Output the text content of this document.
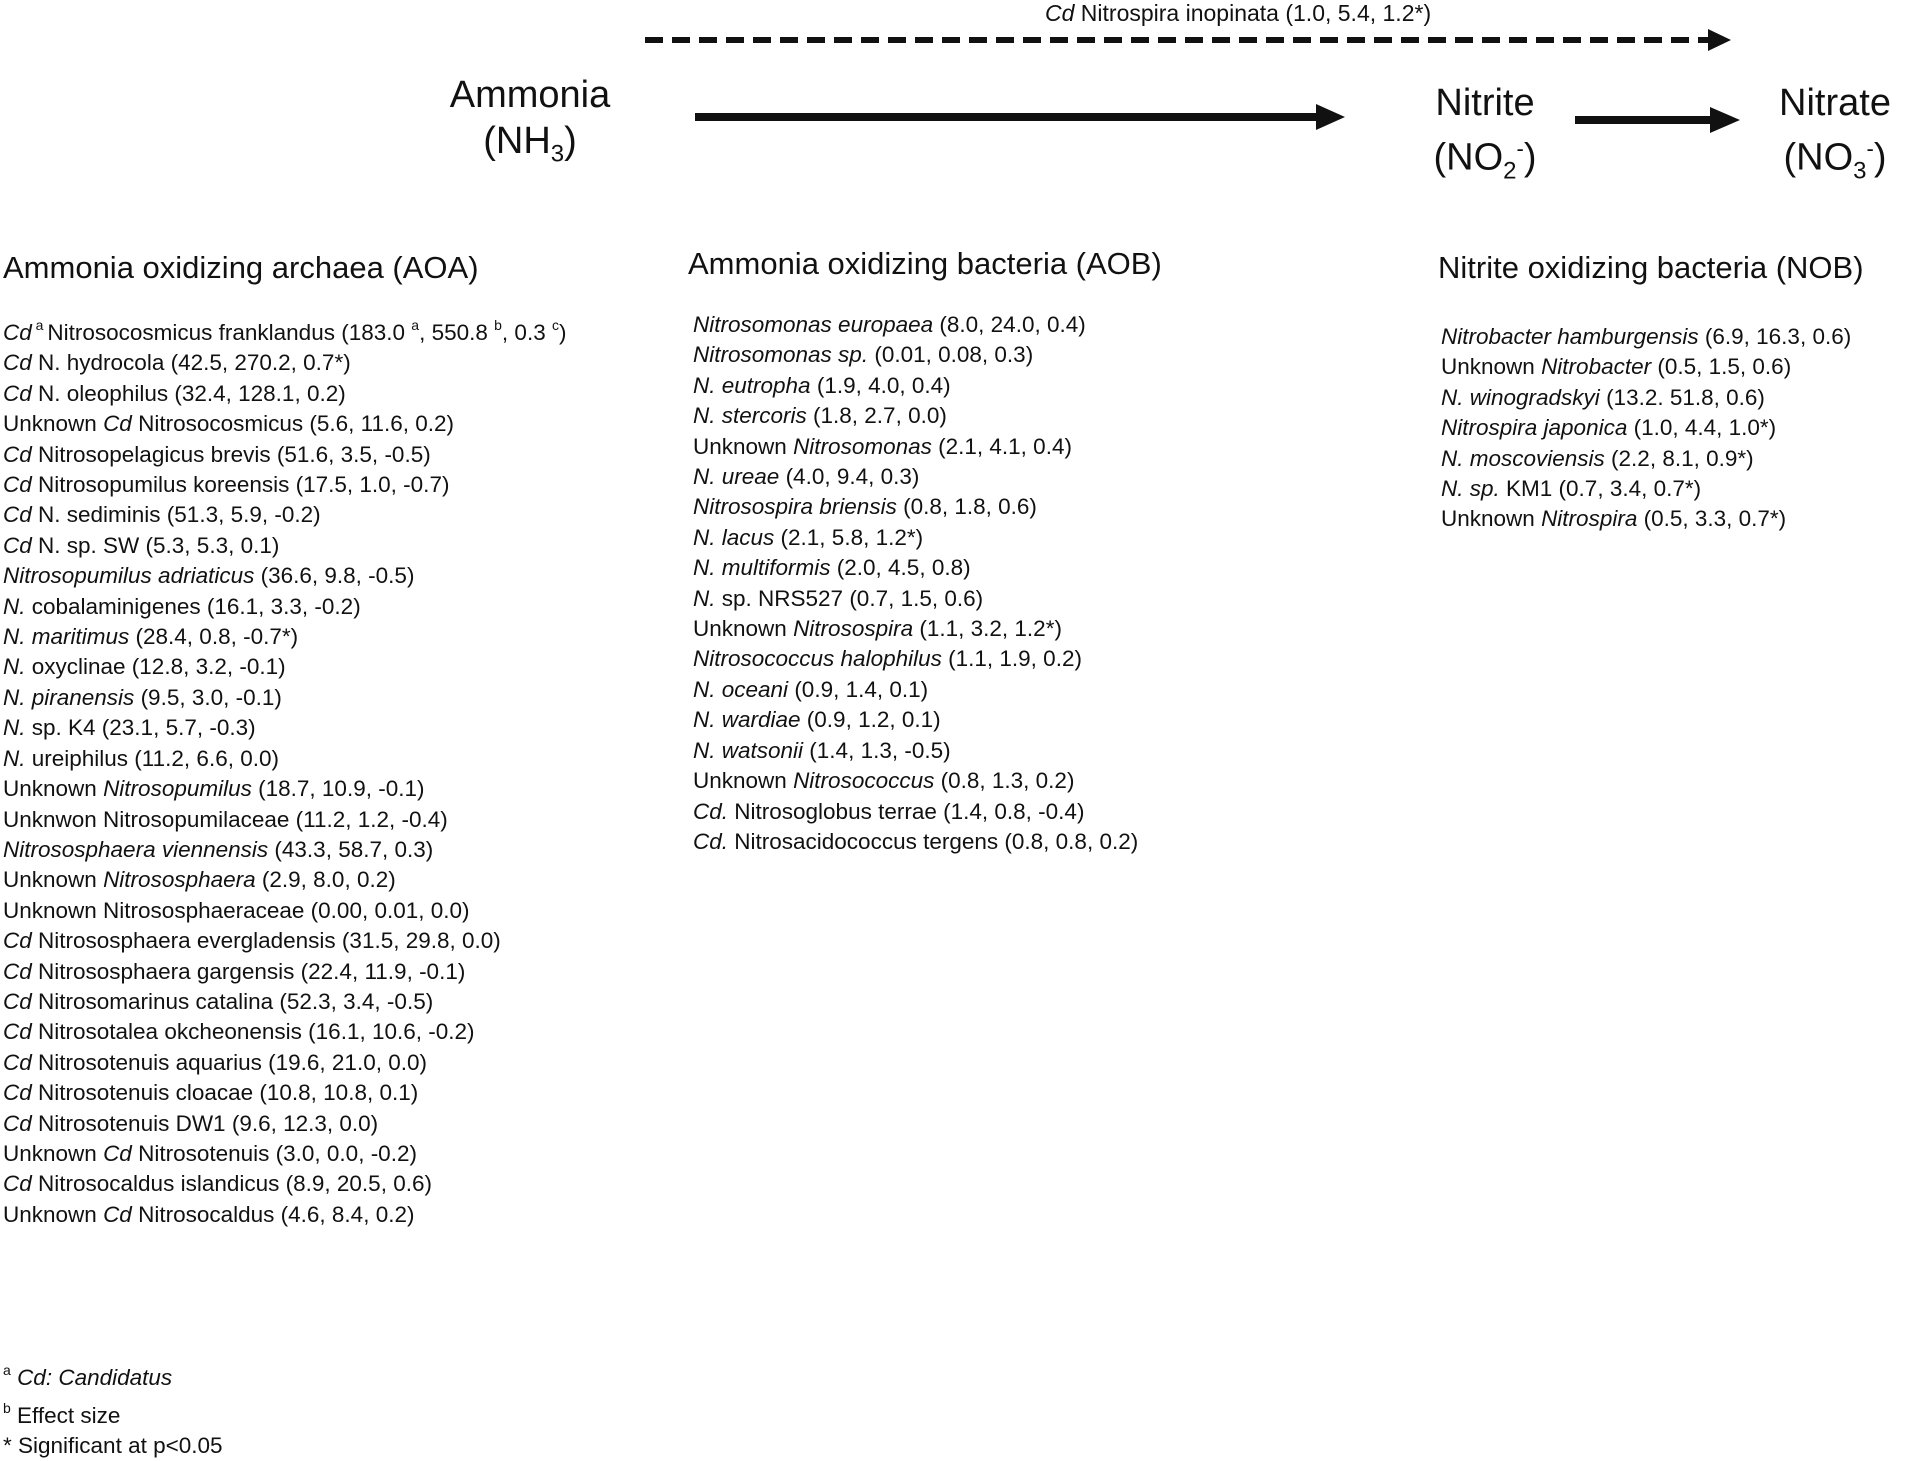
Cd Nitrospira inopinata (1.0, 5.4, 1.2*)
Ammonia
$(NH_3)$
Nitrite
$(NO_2^-)$
Nitrate
$(NO_3^-)$
Ammonia oxidizing archaea (AOA)	Ammonia oxidizing bacteria (AOB)	Nitrite oxidizing bacteria (NOB)
Cd $^a$ Nitrosocosmicus franklandus (183.0 $^a$, 550.8 $^b$, 0.3 $^c$)
Cd N. hydrocola (42.5, 270.2, 0.7*)
Cd N. oleophilus (32.4, 128.1, 0.2)
Unknown Cd Nitrosocosmicus (5.6, 11.6, 0.2)
Cd Nitrosopelagicus brevis (51.6, 3.5, -0.5)
Cd Nitrosopumilus koreensis (17.5, 1.0, -0.7)
Cd N. sediminis (51.3, 5.9, -0.2)
Cd N. sp. SW (5.3, 5.3, 0.1)
Nitrosopumilus adriaticus (36.6, 9.8, -0.5)
N. cobalaminigenes (16.1, 3.3, -0.2)
N. maritimus (28.4, 0.8, -0.7*)
N. oxyclinae (12.8, 3.2, -0.1)
N. piranensis (9.5, 3.0, -0.1)
N. sp. K4 (23.1, 5.7, -0.3)
N. ureiphilus (11.2, 6.6, 0.0)
Unknown Nitrosopumilus (18.7, 10.9, -0.1)
Unknwon Nitrosopumilaceae (11.2, 1.2, -0.4)
Nitrososphaera viennensis (43.3, 58.7, 0.3)
Unknown Nitrososphaera (2.9, 8.0, 0.2)
Unknown Nitrososphaeraceae (0.00, 0.01, 0.0)
Cd Nitrososphaera evergladensis (31.5, 29.8, 0.0)
Cd Nitrososphaera gargensis (22.4, 11.9, -0.1)
Cd Nitrosomarinus catalina (52.3, 3.4, -0.5)
Cd Nitrosotalea okcheonensis (16.1, 10.6, -0.2)
Cd Nitrosotenuis aquarius (19.6, 21.0, 0.0)
Cd Nitrosotenuis cloacae (10.8, 10.8, 0.1)
Cd Nitrosotenuis DW1 (9.6, 12.3, 0.0)
Unknown Cd Nitrosotenuis (3.0, 0.0, -0.2)
Cd Nitrosocaldus islandicus (8.9, 20.5, 0.6)
Unknown Cd Nitrosocaldus (4.6, 8.4, 0.2)
Nitrosomonas europaea (8.0, 24.0, 0.4)
Nitrosomonas sp. (0.01, 0.08, 0.3)
N. eutropha (1.9, 4.0, 0.4)
N. stercoris (1.8, 2.7, 0.0)
Unknown Nitrosomonas (2.1, 4.1, 0.4)
N. ureae (4.0, 9.4, 0.3)
Nitrosospira briensis (0.8, 1.8, 0.6)
N. lacus (2.1, 5.8, 1.2*)
N. multiformis (2.0, 4.5, 0.8)
N. sp. NRS527 (0.7, 1.5, 0.6)
Unknown Nitrosospira (1.1, 3.2, 1.2*)
Nitrosococcus halophilus (1.1, 1.9, 0.2)
N. oceani (0.9, 1.4, 0.1)
N. wardiae (0.9, 1.2, 0.1)
N. watsonii (1.4, 1.3, -0.5)
Unknown Nitrosococcus (0.8, 1.3, 0.2)
Cd. Nitrosoglobus terrae (1.4, 0.8, -0.4)
Cd. Nitrosacidococcus tergens (0.8, 0.8, 0.2)
Nitrobacter hamburgensis (6.9, 16.3, 0.6)
Unknown Nitrobacter (0.5, 1.5, 0.6)
N. winogradskyi (13.2. 51.8, 0.6)
Nitrospira japonica (1.0, 4.4, 1.0*)
N. moscoviensis (2.2, 8.1, 0.9*)
N. sp. KM1 (0.7, 3.4, 0.7*)
Unknown Nitrospira (0.5, 3.3, 0.7*)
$^a$ Cd: Candidatus
$^b$ Effect size
* Significant at p<0.05
